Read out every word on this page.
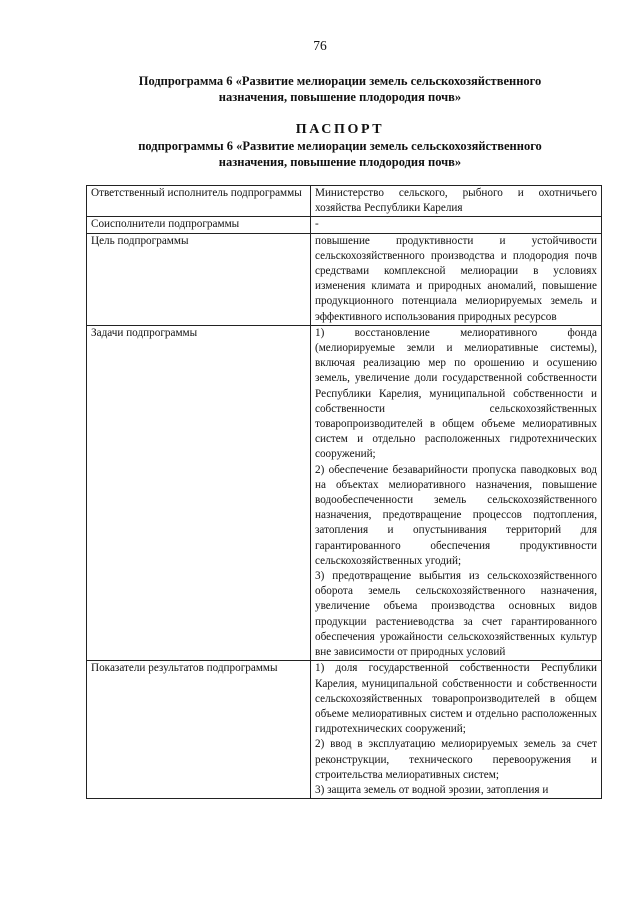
76
Подпрограмма 6 «Развитие мелиорации земель сельскохозяйственного
назначения, повышение плодородия почв»
ПАСПОРТ
подпрограммы 6 «Развитие мелиорации земель сельскохозяйственного
назначения, повышение плодородия почв»
Ответственный исполнитель подпрограммы	Министерство сельского, рыбного и охотничьего хозяйства Республики Карелия

Соисполнители подпрограммы	-

Цель подпрограммы	повышение продуктивности и устойчивости сельскохозяйственного производства и плодородия почв средствами комплексной мелиорации в условиях изменения климата и природных аномалий, повышение продукционного потенциала мелиорируемых земель и эффективного использования природных ресурсов

Задачи подпрограммы	1) восстановление мелиоративного фонда (мелиорируемые земли и мелиоративные системы), включая реализацию мер по орошению и осушению земель, увеличение доли государственной собственности Республики Карелия, муниципальной собственности и собственности сельскохозяйственных товаропроизводителей в общем объеме мелиоративных систем и отдельно расположенных гидротехнических сооружений;
2) обеспечение безаварийности пропуска паводковых вод на объектах мелиоративного назначения, повышение водообеспеченности земель сельскохозяйственного назначения, предотвращение процессов подтопления, затопления и опустынивания территорий для гарантированного обеспечения продуктивности сельскохозяйственных угодий;
3) предотвращение выбытия из сельскохозяйственного оборота земель сельскохозяйственного назначения, увеличение объема производства основных видов продукции растениеводства за счет гарантированного обеспечения урожайности сельскохозяйственных культур вне зависимости от природных условий

Показатели результатов подпрограммы	1) доля государственной собственности Республики Карелия, муниципальной собственности и собственности сельскохозяйственных товаропроизводителей в общем объеме мелиоративных систем и отдельно расположенных гидротехнических сооружений;
2) ввод в эксплуатацию мелиорируемых земель за счет реконструкции, технического перевооружения и строительства мелиоративных систем;
3) защита земель от водной эрозии, затопления и
